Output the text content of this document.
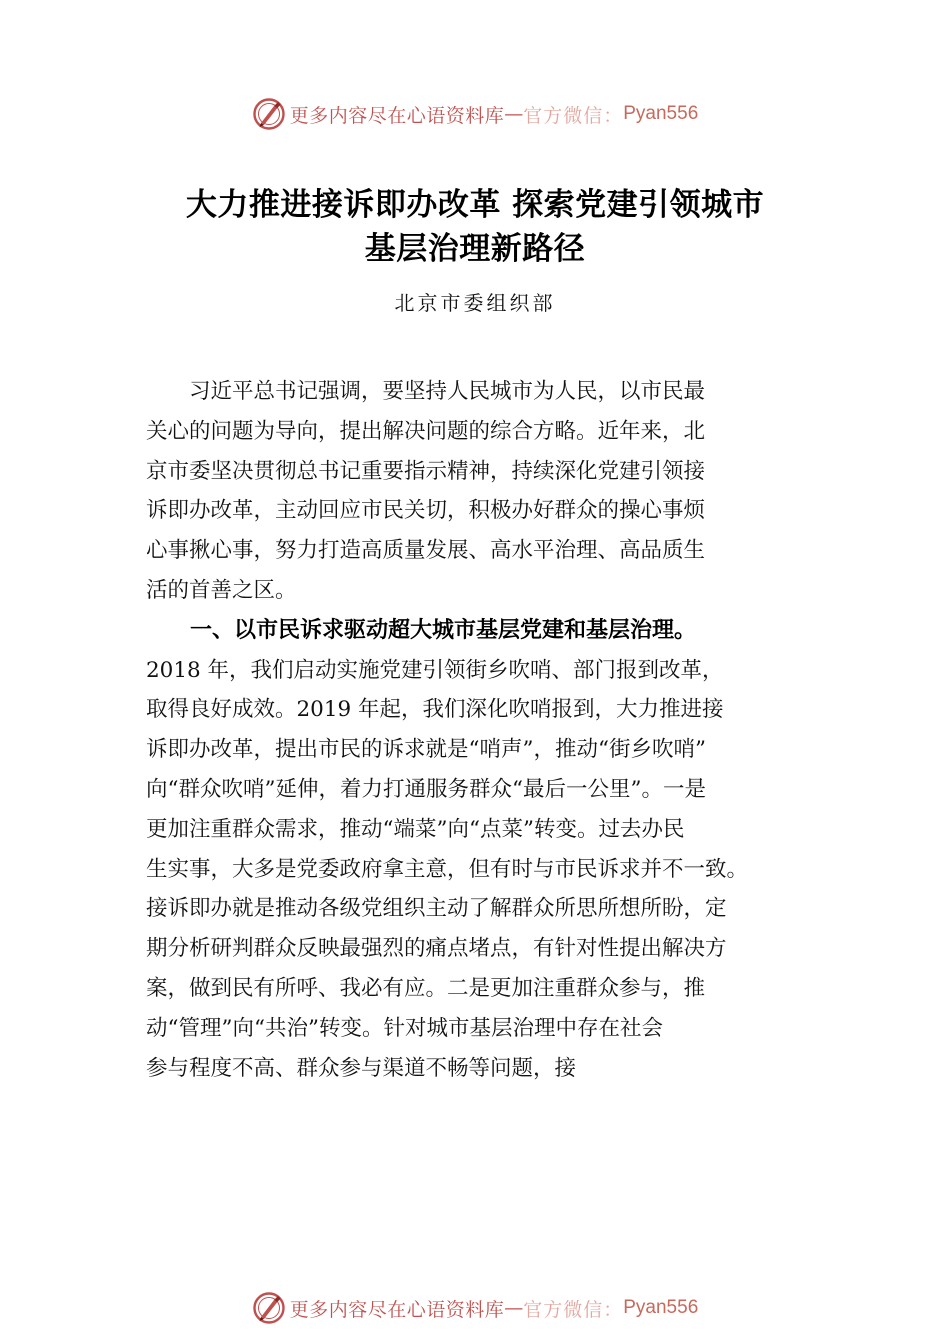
更多内容尽在心语资料库 — 官方微信： Pyan556
大力推进接诉即办改革 探索党建引领城市
基层治理新路径
北京市委组织部
　　习近平总书记强调，要坚持人民城市为人民，以市民最
关心的问题为导向，提出解决问题的综合方略。近年来，北
京市委坚决贯彻总书记重要指示精神，持续深化党建引领接
诉即办改革，主动回应市民关切，积极办好群众的操心事烦
心事揪心事，努力打造高质量发展、高水平治理、高品质生
活的首善之区。
　　一、以市民诉求驱动超大城市基层党建和基层治理。
2018 年，我们启动实施党建引领街乡吹哨、部门报到改革，
取得良好成效。2019 年起，我们深化吹哨报到，大力推进接
诉即办改革，提出市民的诉求就是“哨声”，推动“街乡吹哨”
向“群众吹哨”延伸，着力打通服务群众“最后一公里”。一是
更加注重群众需求，推动“端菜”向“点菜”转变。过去办民
生实事，大多是党委政府拿主意，但有时与市民诉求并不一致。
接诉即办就是推动各级党组织主动了解群众所思所想所盼，定
期分析研判群众反映最强烈的痛点堵点，有针对性提出解决方
案，做到民有所呼、我必有应。二是更加注重群众参与，推
动“管理”向“共治”转变。针对城市基层治理中存在社会
参与程度不高、群众参与渠道不畅等问题，接
更多内容尽在心语资料库 — 官方微信： Pyan556
